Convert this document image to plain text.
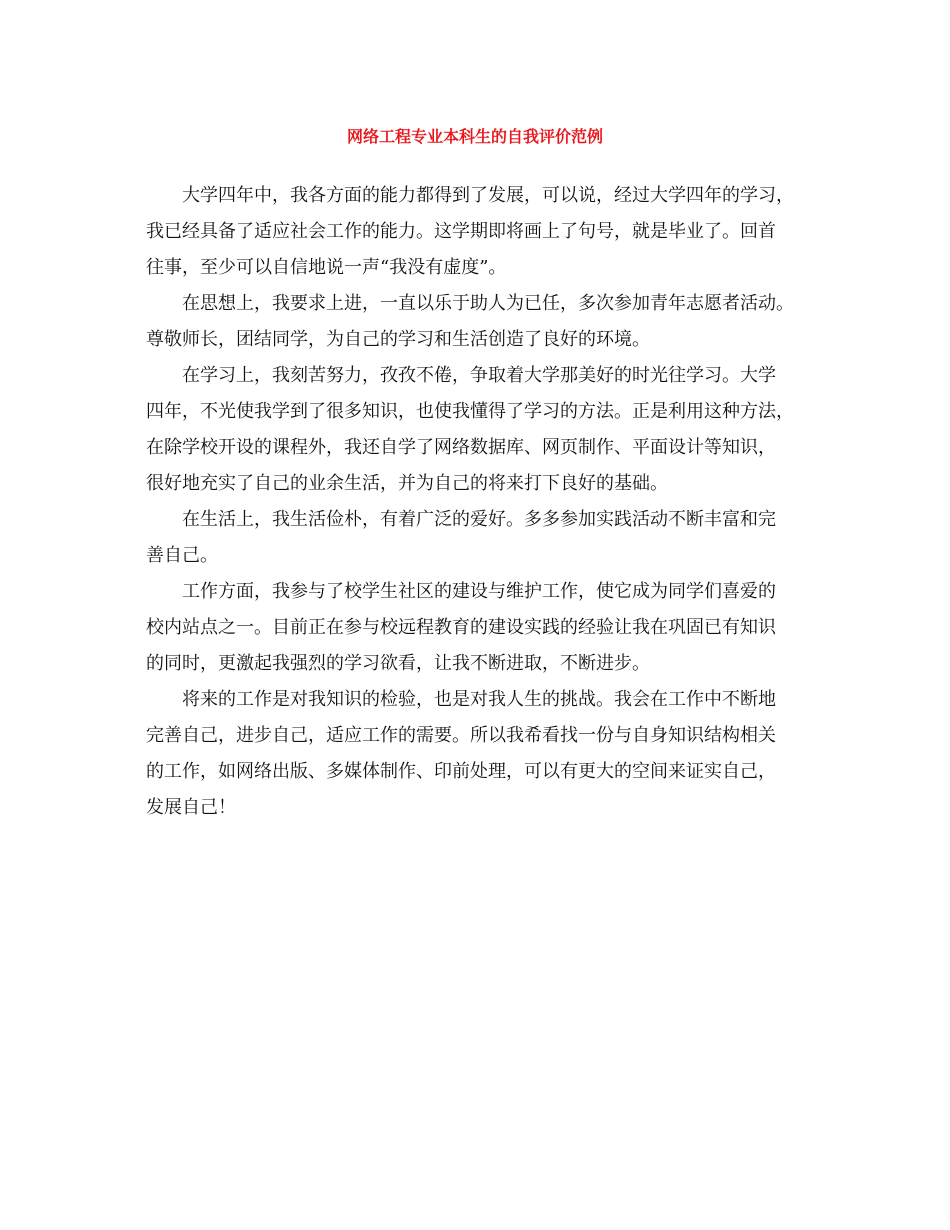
网络工程专业本科生的自我评价范例
大学四年中，我各方面的能力都得到了发展，可以说，经过大学四年的学习，
我已经具备了适应社会工作的能力。这学期即将画上了句号，就是毕业了。回首
往事，至少可以自信地说一声“我没有虚度”。
在思想上，我要求上进，一直以乐于助人为已任，多次参加青年志愿者活动。
尊敬师长，团结同学，为自己的学习和生活创造了良好的环境。
在学习上，我刻苦努力，孜孜不倦，争取着大学那美好的时光往学习。大学
四年，不光使我学到了很多知识，也使我懂得了学习的方法。正是利用这种方法，
在除学校开设的课程外，我还自学了网络数据库、网页制作、平面设计等知识，
很好地充实了自己的业余生活，并为自己的将来打下良好的基础。
在生活上，我生活俭朴，有着广泛的爱好。多多参加实践活动不断丰富和完
善自己。
工作方面，我参与了校学生社区的建设与维护工作，使它成为同学们喜爱的
校内站点之一。目前正在参与校远程教育的建设实践的经验让我在巩固已有知识
的同时，更激起我强烈的学习欲看，让我不断进取，不断进步。
将来的工作是对我知识的检验，也是对我人生的挑战。我会在工作中不断地
完善自己，进步自己，适应工作的需要。所以我希看找一份与自身知识结构相关
的工作，如网络出版、多媒体制作、印前处理，可以有更大的空间来证实自己，
发展自己！
